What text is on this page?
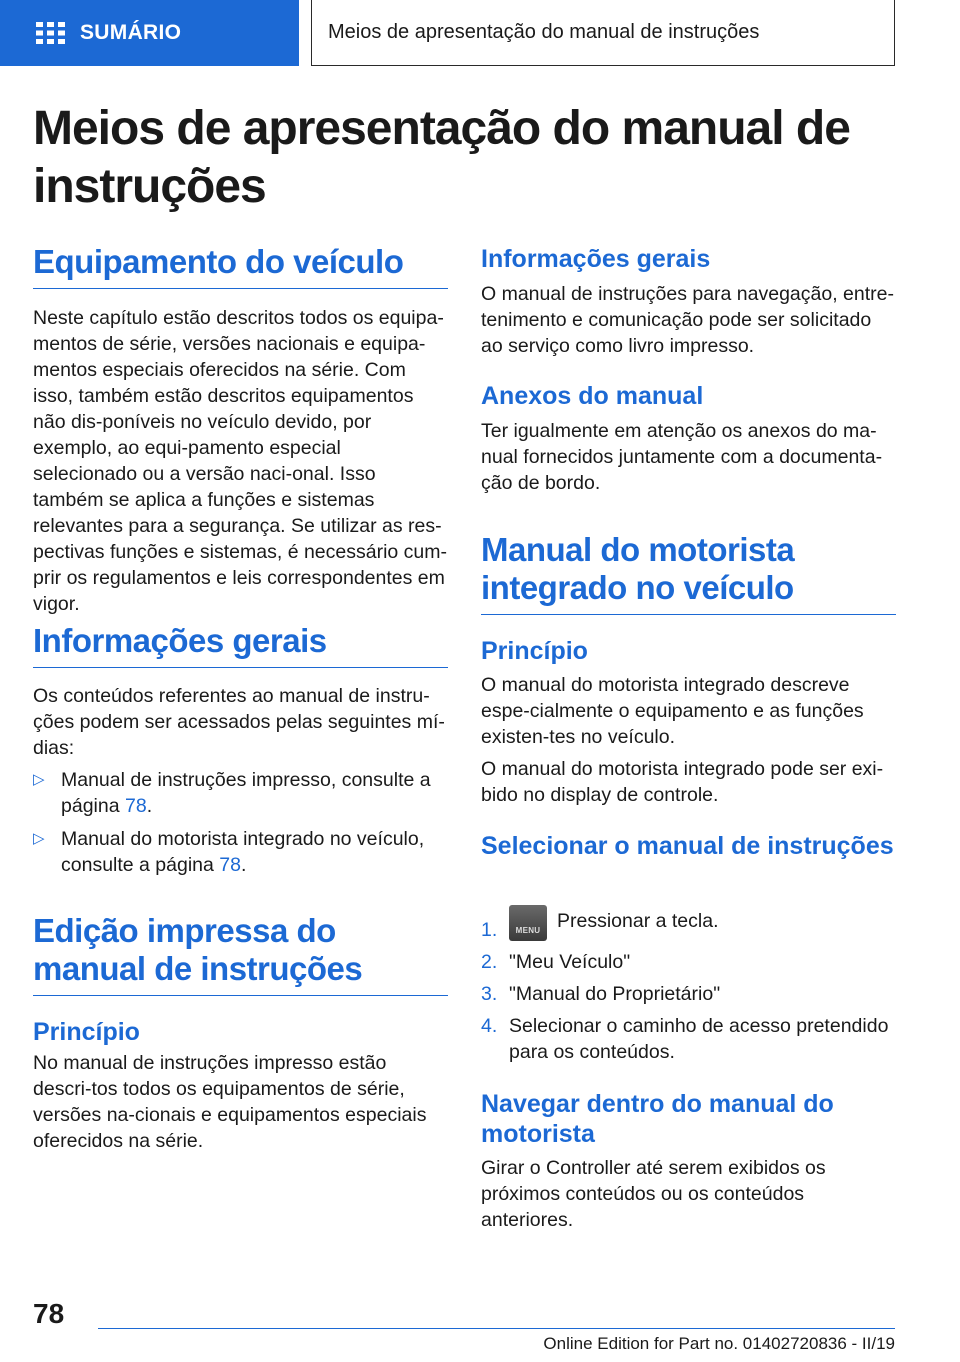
SUMÁRIO	Meios de apresentação do manual de instruções
Meios de apresentação do manual de instruções
Equipamento do veículo

Neste capítulo estão descritos todos os equipa-mentos de série, versões nacionais e equipa-mentos especiais oferecidos na série. Com isso, também estão descritos equipamentos não dis-poníveis no veículo devido, por exemplo, ao equi-pamento especial selecionado ou a versão naci-onal. Isso também se aplica a funções e sistemas relevantes para a segurança. Se utilizar as res-pectivas funções e sistemas, é necessário cum-prir os regulamentos e leis correspondentes em vigor.

Informações gerais

Os conteúdos referentes ao manual de instru-ções podem ser acessados pelas seguintes mí-dias:

▷ Manual de instruções impresso, consulte a página 78.
▷ Manual do motorista integrado no veículo, consulte a página 78.
Edição impressa do manual de instruções
Princípio

No manual de instruções impresso estão descri-tos todos os equipamentos de série, versões na-cionais e equipamentos especiais oferecidos na série.

Informações gerais

O manual de instruções para navegação, entre-tenimento e comunicação pode ser solicitado ao serviço como livro impresso.

Anexos do manual

Ter igualmente em atenção os anexos do ma-nual fornecidos juntamente com a documenta-ção de bordo.

Manual do motorista integrado no veículo
Princípio

O manual do motorista integrado descreve espe-cialmente o equipamento e as funções existen-tes no veículo.

O manual do motorista integrado pode ser exi-bido no display de controle.

Selecionar o manual de instruções
1. MENU Pressionar a tecla.
2. "Meu Veículo"
3. "Manual do Proprietário"
4. Selecionar o caminho de acesso pretendido para os conteúdos.
Navegar dentro do manual do motorista

Girar o Controller até serem exibidos os próximos conteúdos ou os conteúdos anteriores.

78
Online Edition for Part no. 01402720836 - II/19
